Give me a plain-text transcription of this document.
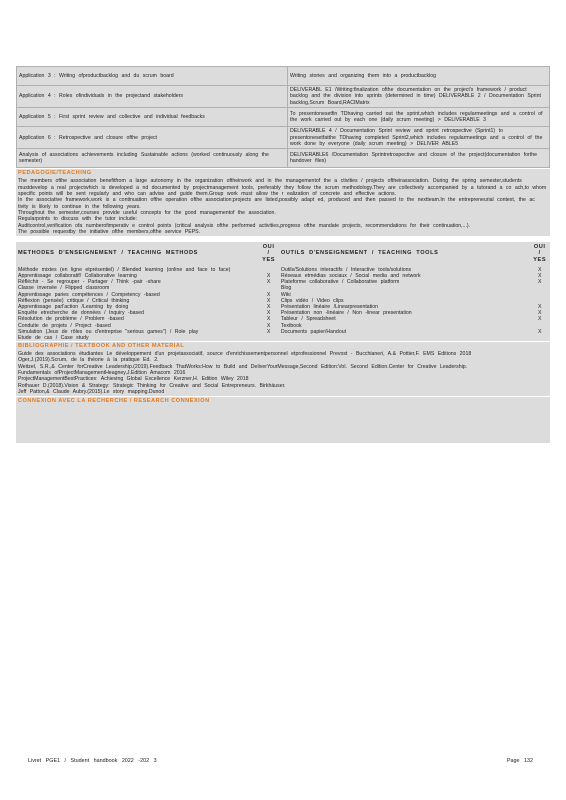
Application 3 : Writing ofproductbacklog and du scrum board	Writing stories and organizing them into a productbacklog
Application 4 : Roles ofindividuals in the projectand stakeholders	DELIVERABL E1 /Writing:finalization ofthe documentation on the project's framework / product backlog and the division into sprints (determined in time) DELIVERABLE 2 / Documentation Sprint backlog,Scrum Board,RACIMatrix
Application 5 : First sprint review and collective and individual feedbacks	To presentonesetfin TDhaving carried out the sprint,which includes regularmeetings and a control of the work carried out by each one (daily scrum meeting) > DELIVERABLE 3
Application 6 : Retrospective and closure ofthe project	DELIVERABLE 4 / Documentation Sprint review and sprint retrospective (Sprint1) to presentonesetfatthe TDhaving completed Sprint2,which includes regularmeetings and a control of the work done by everyone (daily scrum meeting) > DELIVER ABLE5
Analysis of associations achievements including Sustainable actions (worked continuously along the semester)	DELIVERABLE6 /Documentation Sprintretrospective and closure of the project(documentation forthe handover files)
PEDAGOGIE/TEACHING
The members ofthe association benefitfrom a large autonomy in the organization oftheirwork and in the managementof the a ctivities / projects oftheirassociation. During the spring semester,students mustdevelop a real projectwhich is developed a nd documented by projectmanagement tools, preferably they follow the scrum methodology.They are collectively accompanied by a tutorand a co ach,to whom specific points will be sent regularly and who can advise and guide them.Group work must allow the r ealization of concrete and effective actions.
In the associative framework,work is a continuation ofthe operation ofthe association;projects are listed,possibly adapt ed, produced and then passed to the nextteam.In the entrepreneurial context, the ac tivity is likely to continue in the following years.
Throughout the semester,courses provide useful concepts for the good managementof the association.
Regularpoints to discuss with the tutor include:
Auditcontrol,verification ofa numberofimperativ e control points (critical analysis ofthe performed activities,progress ofthe mandate projects, recommendations for their continuation,...).
The possible requestby the initiative ofthe members,ofthe service PEPS.
METHODES D'ENSEIGNEMENT / TEACHING METHODS	OUI / YES	OUTILS D'ENSEIGNEMENT / TEACHING TOOLS	OUI / YES
Méthode mixtes (en ligne etprésentiel) / Blended learning (online and face to face)		Outils/Solutions interactifs / Interactive tools/solutions	X
Apprentissage collaboratif/ Collaborative learning	X	Réseaux etmédias sociaux / Social media and network	X
Réfléchir - Se regrouper - Partager / Think -pair -share	X	Plateforme collaborative / Collaborative platform	X
Classe inversée / Flipped classroom		Blog	
Apprentissage paries compétences / Competency -based	X	Wiki	
Réflexion (pensée) critique / Critical thinking	X	Clips vidéo / Video clips	
Apprentissage parl'action /Learning by doing	X	Présentation linéaire /Linearpresentation	X
Enquête etrecherche de données / Inquiry -based	X	Présentation non -linéaire / Non -linear presentation	X
Résolution de problème / Problem -based	X	Tableur / Spreadsheet	X
Conduite de projets / Project -based	X	Textbook	
Simulation (Jeux de rôles ou d'entreprise "serious games") / Role play	X	Documents papier/Handout	X
Etude de cas / Case study			
BIBLIOGRAPHIE / TEXTBOOK AND OTHER MATERIAL
Guide des associations étudiantes Le développement d'un projetassociatif, source d'enrichissementpersonnel etprofessionnel Prevost - Bucchianeri, A.& Pottier,F. EMS Editions 2018
Oger,J.(2019).Scrum, de la théorie à la pratique Ed. 2.
Weitzel, S.R.,& Center forCreative Leadership.(2019).Feedback ThatWorks:How to Build and DeliverYourMessage,Second Edition:Vol. Second Edition.Center for Creative Leadership.
Fundamentals ofProjectManagementHeagney,J.Edition Amacom 2016
ProjectManagementBestPractices: Achieving Global Excellence Kerzner,H. Edition Wiley 2018
Rothauer D.(2018).Vision & Strategy: Strategic Thinking for Creative and Social Entrepreneurs. Birkhäuser.
Jeff Patton,& Claude Aubry.(2015).Le story mapping.Dunod
CONNEXION AVEC LA RECHERCHE / RESEARCH CONNEXION
Livret PGE1 / Student handbook 2022 -202 3	Page 132
